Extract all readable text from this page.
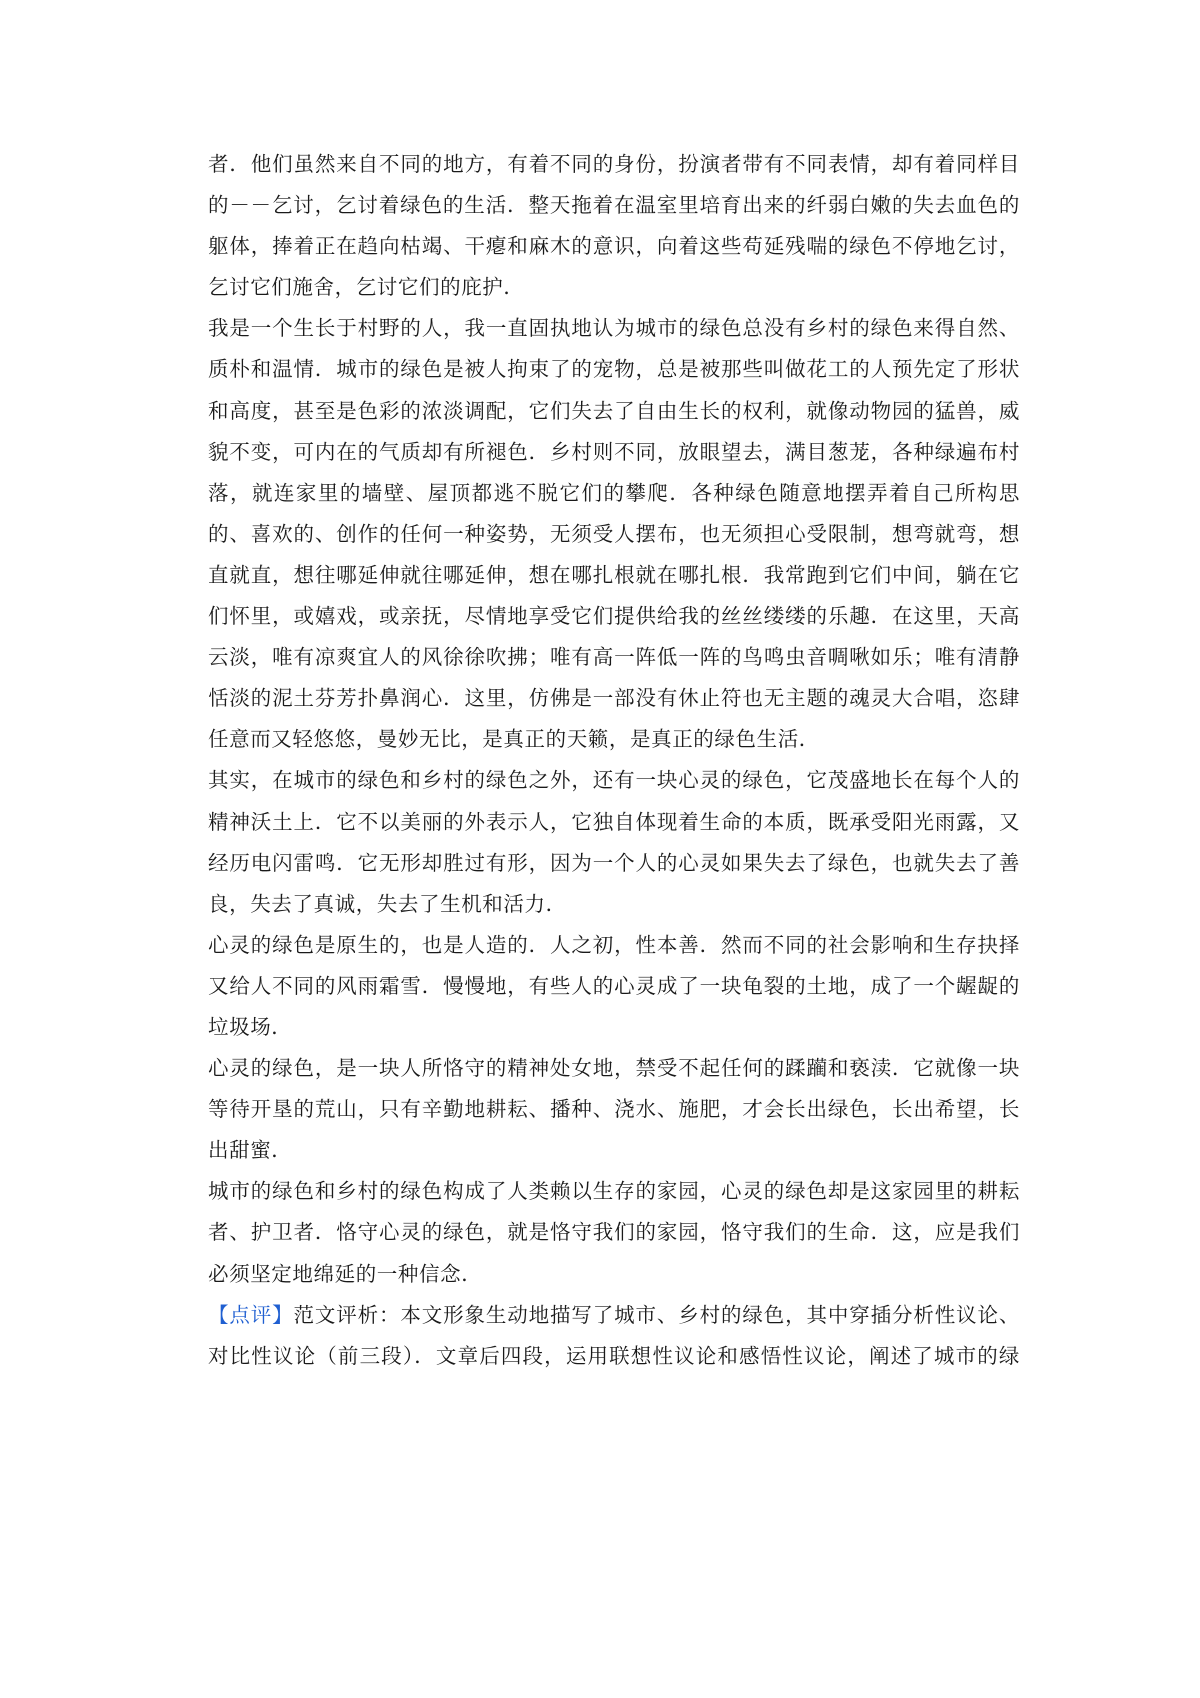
者．他们虽然来自不同的地方，有着不同的身份，扮演者带有不同表情，却有着同样目
的－－乞讨，乞讨着绿色的生活．整天拖着在温室里培育出来的纤弱白嫩的失去血色的
躯体，捧着正在趋向枯竭、干瘪和麻木的意识，向着这些苟延残喘的绿色不停地乞讨，
乞讨它们施舍，乞讨它们的庇护．
我是一个生长于村野的人，我一直固执地认为城市的绿色总没有乡村的绿色来得自然、
质朴和温情．城市的绿色是被人拘束了的宠物，总是被那些叫做花工的人预先定了形状
和高度，甚至是色彩的浓淡调配，它们失去了自由生长的权利，就像动物园的猛兽，威
貌不变，可内在的气质却有所褪色．乡村则不同，放眼望去，满目葱茏，各种绿遍布村
落，就连家里的墙壁、屋顶都逃不脱它们的攀爬．各种绿色随意地摆弄着自己所构思
的、喜欢的、创作的任何一种姿势，无须受人摆布，也无须担心受限制，想弯就弯，想
直就直，想往哪延伸就往哪延伸，想在哪扎根就在哪扎根．我常跑到它们中间，躺在它
们怀里，或嬉戏，或亲抚，尽情地享受它们提供给我的丝丝缕缕的乐趣．在这里，天高
云淡，唯有凉爽宜人的风徐徐吹拂；唯有高一阵低一阵的鸟鸣虫音啁啾如乐；唯有清静
恬淡的泥土芬芳扑鼻润心．这里，仿佛是一部没有休止符也无主题的魂灵大合唱，恣肆
任意而又轻悠悠，曼妙无比，是真正的天籁，是真正的绿色生活．
其实，在城市的绿色和乡村的绿色之外，还有一块心灵的绿色，它茂盛地长在每个人的
精神沃土上．它不以美丽的外表示人，它独自体现着生命的本质，既承受阳光雨露，又
经历电闪雷鸣．它无形却胜过有形，因为一个人的心灵如果失去了绿色，也就失去了善
良，失去了真诚，失去了生机和活力．
心灵的绿色是原生的，也是人造的．人之初，性本善．然而不同的社会影响和生存抉择
又给人不同的风雨霜雪．慢慢地，有些人的心灵成了一块龟裂的土地，成了一个龌龊的
垃圾场．
心灵的绿色，是一块人所恪守的精神处女地，禁受不起任何的蹂躏和亵渎．它就像一块
等待开垦的荒山，只有辛勤地耕耘、播种、浇水、施肥，才会长出绿色，长出希望，长
出甜蜜．
城市的绿色和乡村的绿色构成了人类赖以生存的家园，心灵的绿色却是这家园里的耕耘
者、护卫者．恪守心灵的绿色，就是恪守我们的家园，恪守我们的生命．这，应是我们
必须坚定地绵延的一种信念．
【点评】范文评析：本文形象生动地描写了城市、乡村的绿色，其中穿插分析性议论、
对比性议论（前三段）．文章后四段，运用联想性议论和感悟性议论，阐述了城市的绿
